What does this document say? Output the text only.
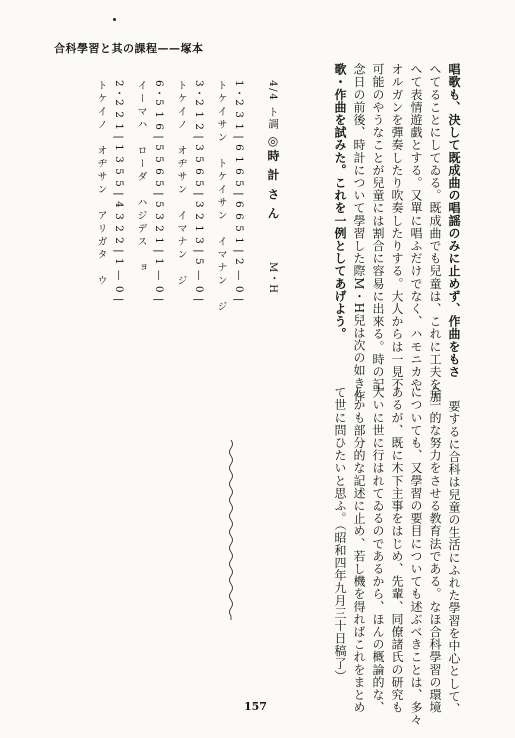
合科學習と其の課程——塚本
唱歌も、決して既成曲の唱謡のみに止めず、作曲をもさ
へてることにしてゐる。既成曲でも兒童は、これに工夫を加
へて表情遊戯とする。又單に唱ふだけでなく、ハモニカや
オルガンを彈奏したり吹奏したりする。大人からは一見不
可能のやうなことが兒童には割合に容易に出來る。時の記
念日の前後、時計について學習した際M・H兒は次の如き作
歌・作曲を試みた。これを一例としてあげよう。
4/4 ト調
◎時 計 さ ん
M・H
1・2 3 1 | 6 1 6 5 | 6 6 5 1 | 2 — 0 |
トケイサン　トケイサン　イマナン　ジ
3・2 1 2 | 3 5 6 5 | 3 2 1 3 | 5 — 0 |
トケイノ　オヂサン　イマナン　ジ
6・5 1 6 | 5 5 6 5 | 5 3 2 1 | 1 — 0 |
イーマハ　ローダ　ハジデス　ョ
2・2 2 1 | 1 3 5 5 | 4 3 2 2 | 1 — 0 |
トケイノ　オヂサン　アリガタ　ウ
要するに合科は兒童の生活にふれた學習を中心として、
全一的な努力をさせる教育法である。なほ合科學習の環境
についても、又學習の要目についても述ぶべきことは、多々
あるが、既に木下主事をはじめ、先輩、同僚諸氏の研究も
大いに世に行はれてゐるのであるから、ほんの概論的な、
しかも部分的な記述に止め、若し機を得ればこれをまとめ
て世に問ひたいと思ふ。（昭和四年九月三十日稿了）
157
